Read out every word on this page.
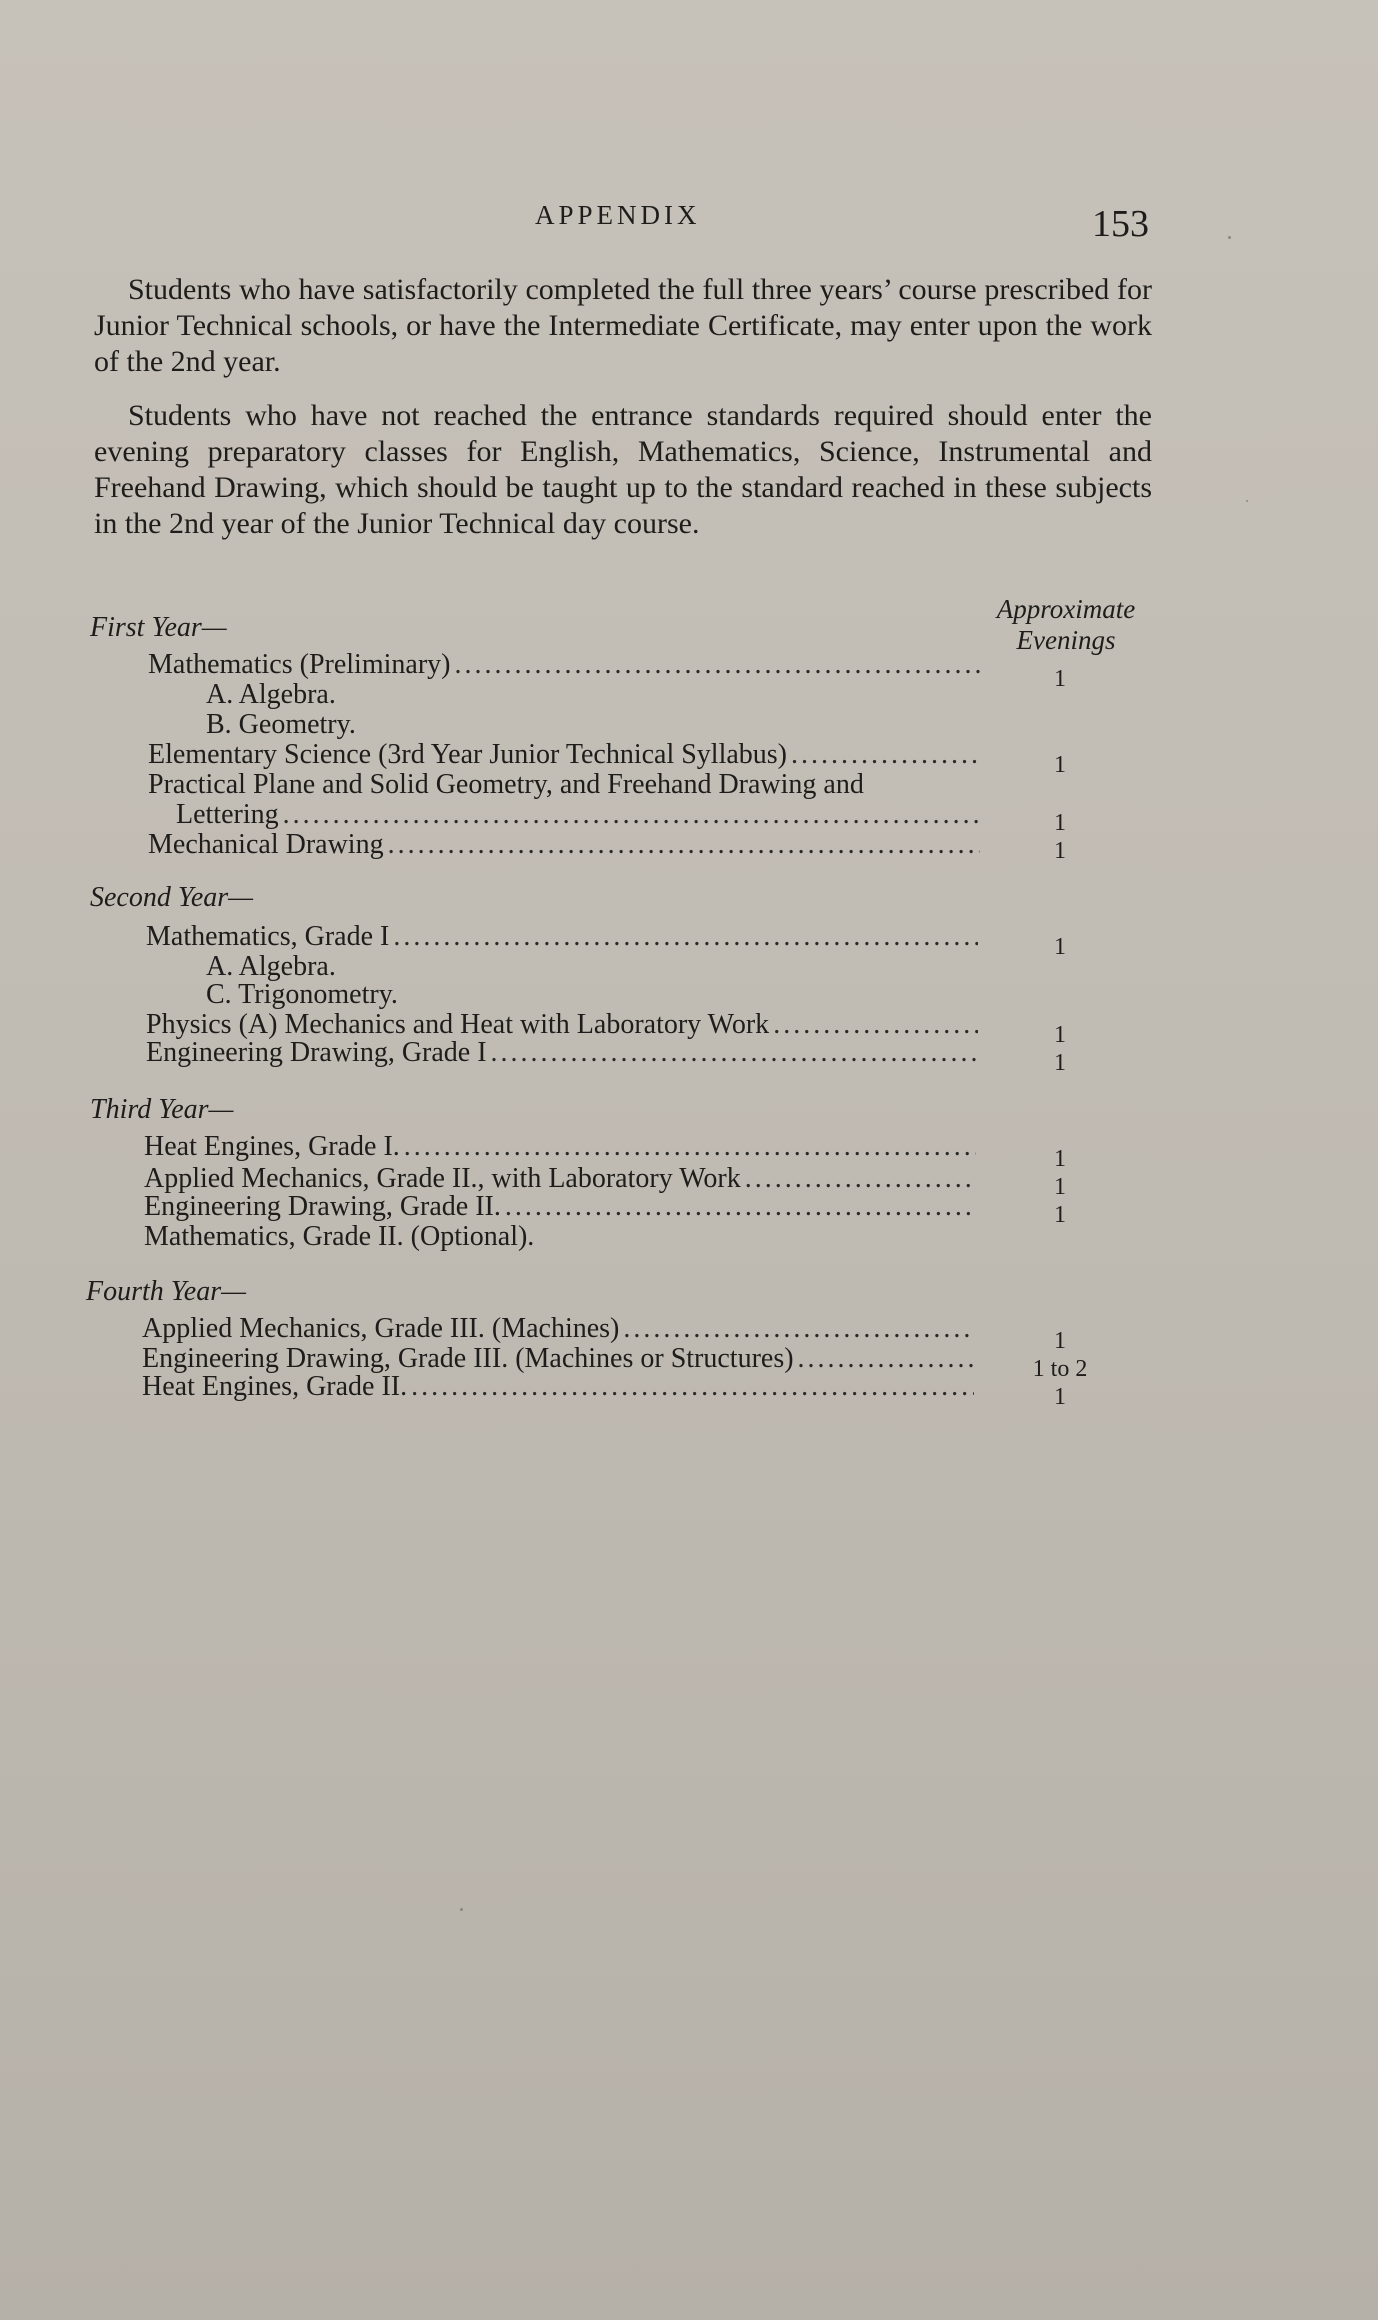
APPENDIX	153

Students who have satisfactorily completed the full three years’ course prescribed for Junior Technical schools, or have the Intermediate Certificate, may enter upon the work of the 2nd year.

Students who have not reached the entrance standards required should enter the evening preparatory classes for English, Mathematics, Science, Instrumental and Freehand Drawing, which should be taught up to the standard reached in these subjects in the 2nd year of the Junior Technical day course.

Approximate
Evenings
First Year—
Mathematics (Preliminary) . . .	1
A. Algebra.
B. Geometry.
Elementary Science (3rd Year Junior Technical Syllabus) . . .	1
Practical Plane and Solid Geometry, and Freehand Drawing and
Lettering . . .	1
Mechanical Drawing . . .	1
Second Year—
Mathematics, Grade I . . .	1
A. Algebra.
C. Trigonometry.
Physics (A) Mechanics and Heat with Laboratory Work . . .	1
Engineering Drawing, Grade I . . .	1
Third Year—
Heat Engines, Grade I. . . .	1
Applied Mechanics, Grade II., with Laboratory Work . . .	1
Engineering Drawing, Grade II. . . .	1
Mathematics, Grade II. (Optional).
Fourth Year—
Applied Mechanics, Grade III. (Machines) . . .	1
Engineering Drawing, Grade III. (Machines or Structures) . . .	1 to 2
Heat Engines, Grade II. . . .	1
